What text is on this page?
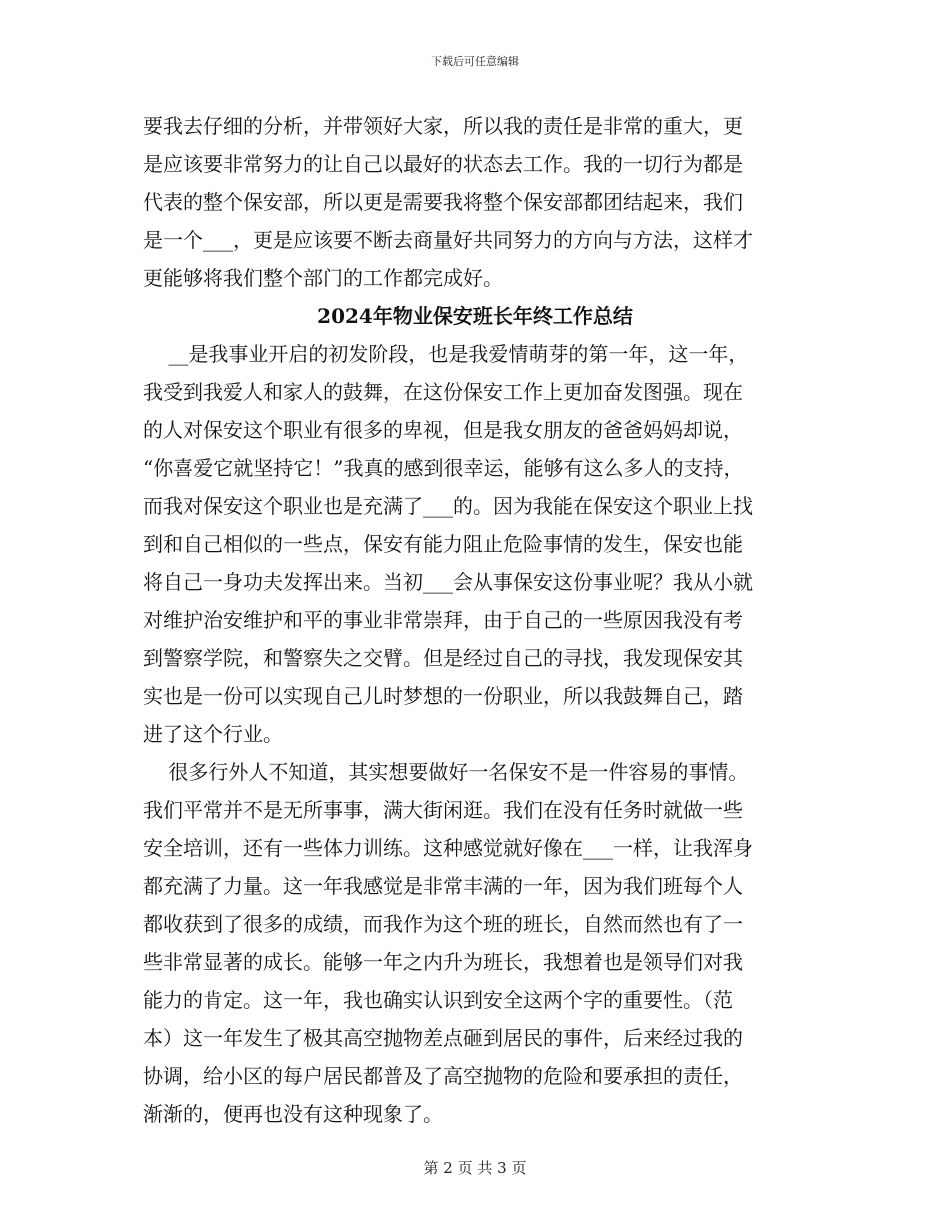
下载后可任意编辑
要我去仔细的分析，并带领好大家，所以我的责任是非常的重大，更
是应该要非常努力的让自己以最好的状态去工作。我的一切行为都是
代表的整个保安部，所以更是需要我将整个保安部都团结起来，我们
是一个___，更是应该要不断去商量好共同努力的方向与方法，这样才
更能够将我们整个部门的工作都完成好。
2024年物业保安班长年终工作总结
__是我事业开启的初发阶段，也是我爱情萌芽的第一年，这一年，
我受到我爱人和家人的鼓舞，在这份保安工作上更加奋发图强。现在
的人对保安这个职业有很多的卑视，但是我女朋友的爸爸妈妈却说，
“你喜爱它就坚持它！”我真的感到很幸运，能够有这么多人的支持，
而我对保安这个职业也是充满了___的。因为我能在保安这个职业上找
到和自己相似的一些点，保安有能力阻止危险事情的发生，保安也能
将自己一身功夫发挥出来。当初___会从事保安这份事业呢？我从小就
对维护治安维护和平的事业非常崇拜，由于自己的一些原因我没有考
到警察学院，和警察失之交臂。但是经过自己的寻找，我发现保安其
实也是一份可以实现自己儿时梦想的一份职业，所以我鼓舞自己，踏
进了这个行业。
很多行外人不知道，其实想要做好一名保安不是一件容易的事情。
我们平常并不是无所事事，满大街闲逛。我们在没有任务时就做一些
安全培训，还有一些体力训练。这种感觉就好像在___一样，让我浑身
都充满了力量。这一年我感觉是非常丰满的一年，因为我们班每个人
都收获到了很多的成绩，而我作为这个班的班长，自然而然也有了一
些非常显著的成长。能够一年之内升为班长，我想着也是领导们对我
能力的肯定。这一年，我也确实认识到安全这两个字的重要性。（范
本）这一年发生了极其高空抛物差点砸到居民的事件，后来经过我的
协调，给小区的每户居民都普及了高空抛物的危险和要承担的责任，
渐渐的，便再也没有这种现象了。
第 2 页 共 3 页
